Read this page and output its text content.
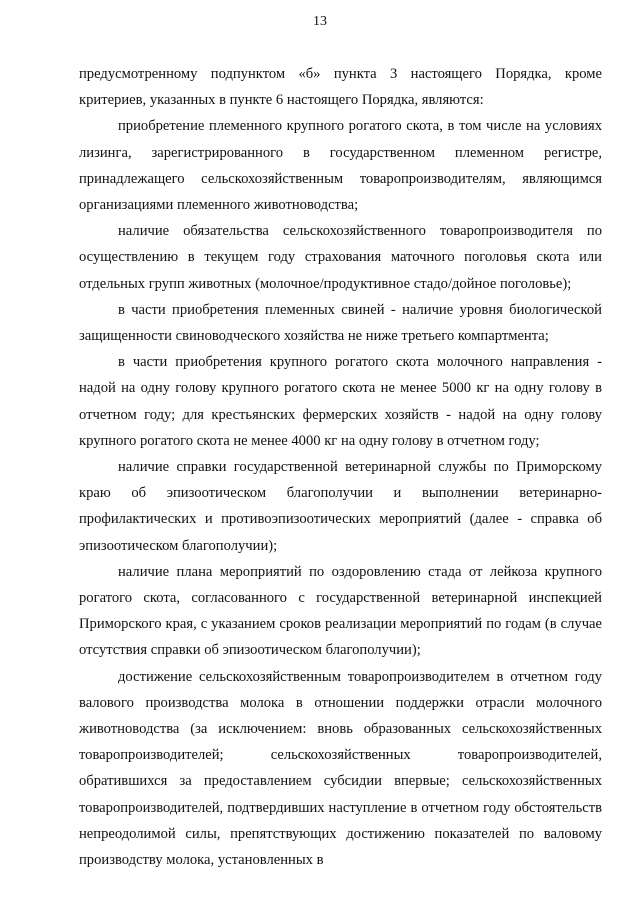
13

предусмотренному подпунктом «б» пункта 3 настоящего Порядка, кроме критериев, указанных в пункте 6 настоящего Порядка, являются:

приобретение племенного крупного рогатого скота, в том числе на условиях лизинга, зарегистрированного в государственном племенном регистре, принадлежащего сельскохозяйственным товаропроизводителям, являющимся организациями племенного животноводства;

наличие обязательства сельскохозяйственного товаропроизводителя по осуществлению в текущем году страхования маточного поголовья скота или отдельных групп животных (молочное/продуктивное стадо/дойное поголовье);

в части приобретения племенных свиней - наличие уровня биологической защищенности свиноводческого хозяйства не ниже третьего компартмента;

в части приобретения крупного рогатого скота молочного направления - надой на одну голову крупного рогатого скота не менее 5000 кг на одну голову в отчетном году; для крестьянских фермерских хозяйств - надой на одну голову крупного рогатого скота не менее 4000 кг на одну голову в отчетном году;

наличие справки государственной ветеринарной службы по Приморскому краю об эпизоотическом благополучии и выполнении ветеринарно-профилактических и противоэпизоотических мероприятий (далее - справка об эпизоотическом благополучии);

наличие плана мероприятий по оздоровлению стада от лейкоза крупного рогатого скота, согласованного с государственной ветеринарной инспекцией Приморского края, с указанием сроков реализации мероприятий по годам (в случае отсутствия справки об эпизоотическом благополучии);

достижение сельскохозяйственным товаропроизводителем в отчетном году валового производства молока в отношении поддержки отрасли молочного животноводства (за исключением: вновь образованных сельскохозяйственных товаропроизводителей; сельскохозяйственных товаропроизводителей, обратившихся за предоставлением субсидии впервые; сельскохозяйственных товаропроизводителей, подтвердивших наступление в отчетном году обстоятельств непреодолимой силы, препятствующих достижению показателей по валовому производству молока, установленных в
